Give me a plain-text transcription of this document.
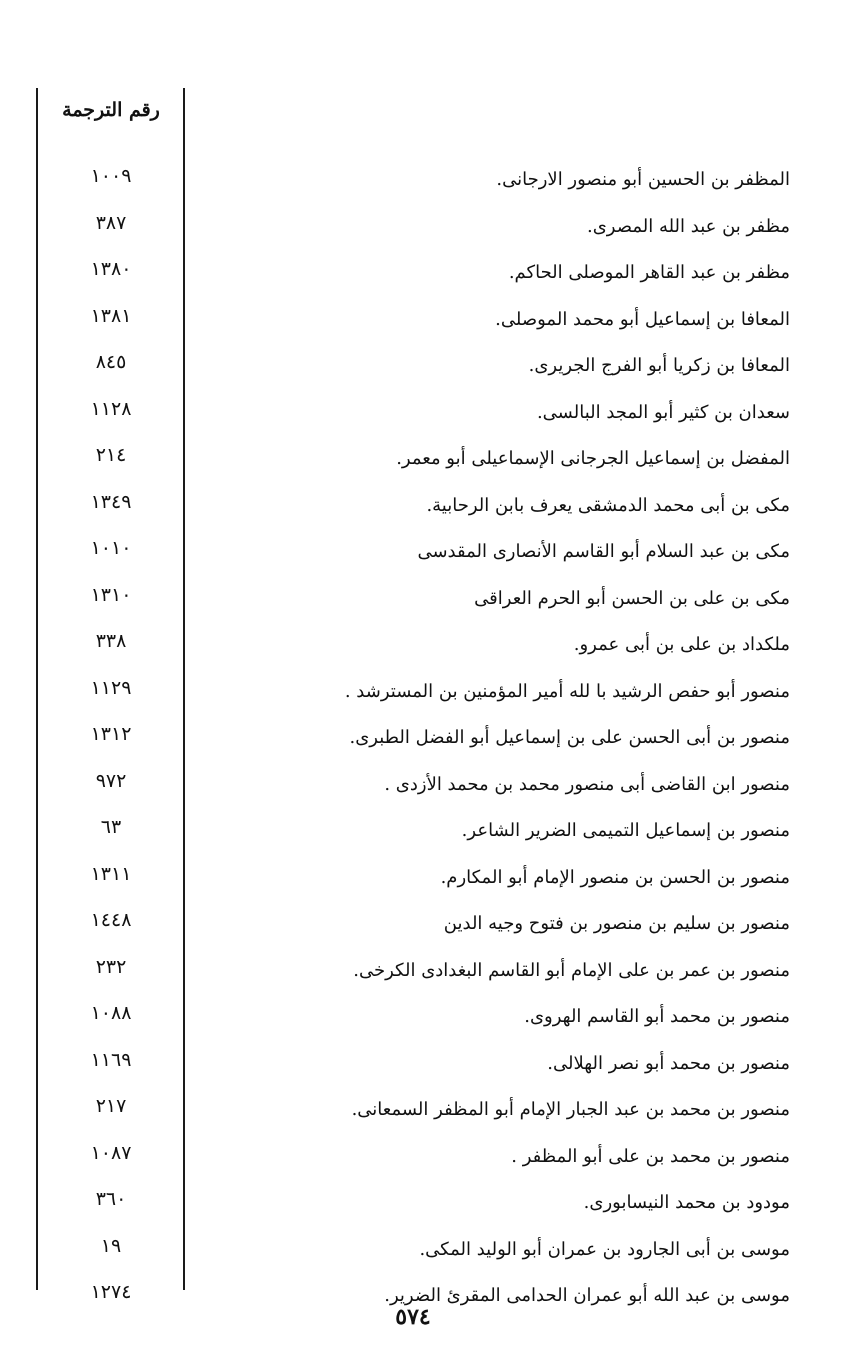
رقم الترجمة
المظفر بن الحسين أبو منصور الارجانى.
١٠٠٩
مظفر بن عبد الله المصرى.
٣٨٧
مظفر بن عبد القاهر الموصلى الحاكم.
١٣٨٠
المعافا بن إسماعيل أبو محمد الموصلى.
١٣٨١
المعافا بن زكريا أبو الفرج الجريرى.
٨٤٥
سعدان بن كثير أبو المجد البالسى.
١١٢٨
المفضل بن إسماعيل الجرجانى الإسماعيلى أبو معمر.
٢١٤
مكى بن أبى محمد الدمشقى يعرف بابن الرحابية.
١٣٤٩
مكى بن عبد السلام أبو القاسم الأنصارى المقدسى
١٠١٠
مكى بن على بن الحسن أبو الحرم العراقى
١٣١٠
ملكداد بن على بن أبى عمرو.
٣٣٨
منصور أبو حفص الرشيد با لله أمير المؤمنين بن المسترشد .
١١٢٩
منصور بن أبى الحسن على بن إسماعيل أبو الفضل الطبرى.
١٣١٢
منصور ابن القاضى أبى منصور محمد بن محمد الأزدى .
٩٧٢
منصور بن إسماعيل التميمى الضرير الشاعر.
٦٣
منصور بن الحسن بن منصور الإمام أبو المكارم.
١٣١١
منصور بن سليم بن منصور بن فتوح وجيه الدين
١٤٤٨
منصور بن عمر بن على الإمام أبو القاسم البغدادى الكرخى.
٢٣٢
منصور بن محمد أبو القاسم الهروى.
١٠٨٨
منصور بن محمد أبو نصر الهلالى.
١١٦٩
منصور بن محمد بن عبد الجبار الإمام أبو المظفر السمعانى.
٢١٧
منصور بن محمد بن على أبو المظفر .
١٠٨٧
مودود بن محمد النيسابورى.
٣٦٠
موسى بن أبى الجارود بن عمران أبو الوليد المكى.
١٩
موسى بن عبد الله أبو عمران الحدامى المقرئ الضرير.
١٢٧٤
٥٧٤
